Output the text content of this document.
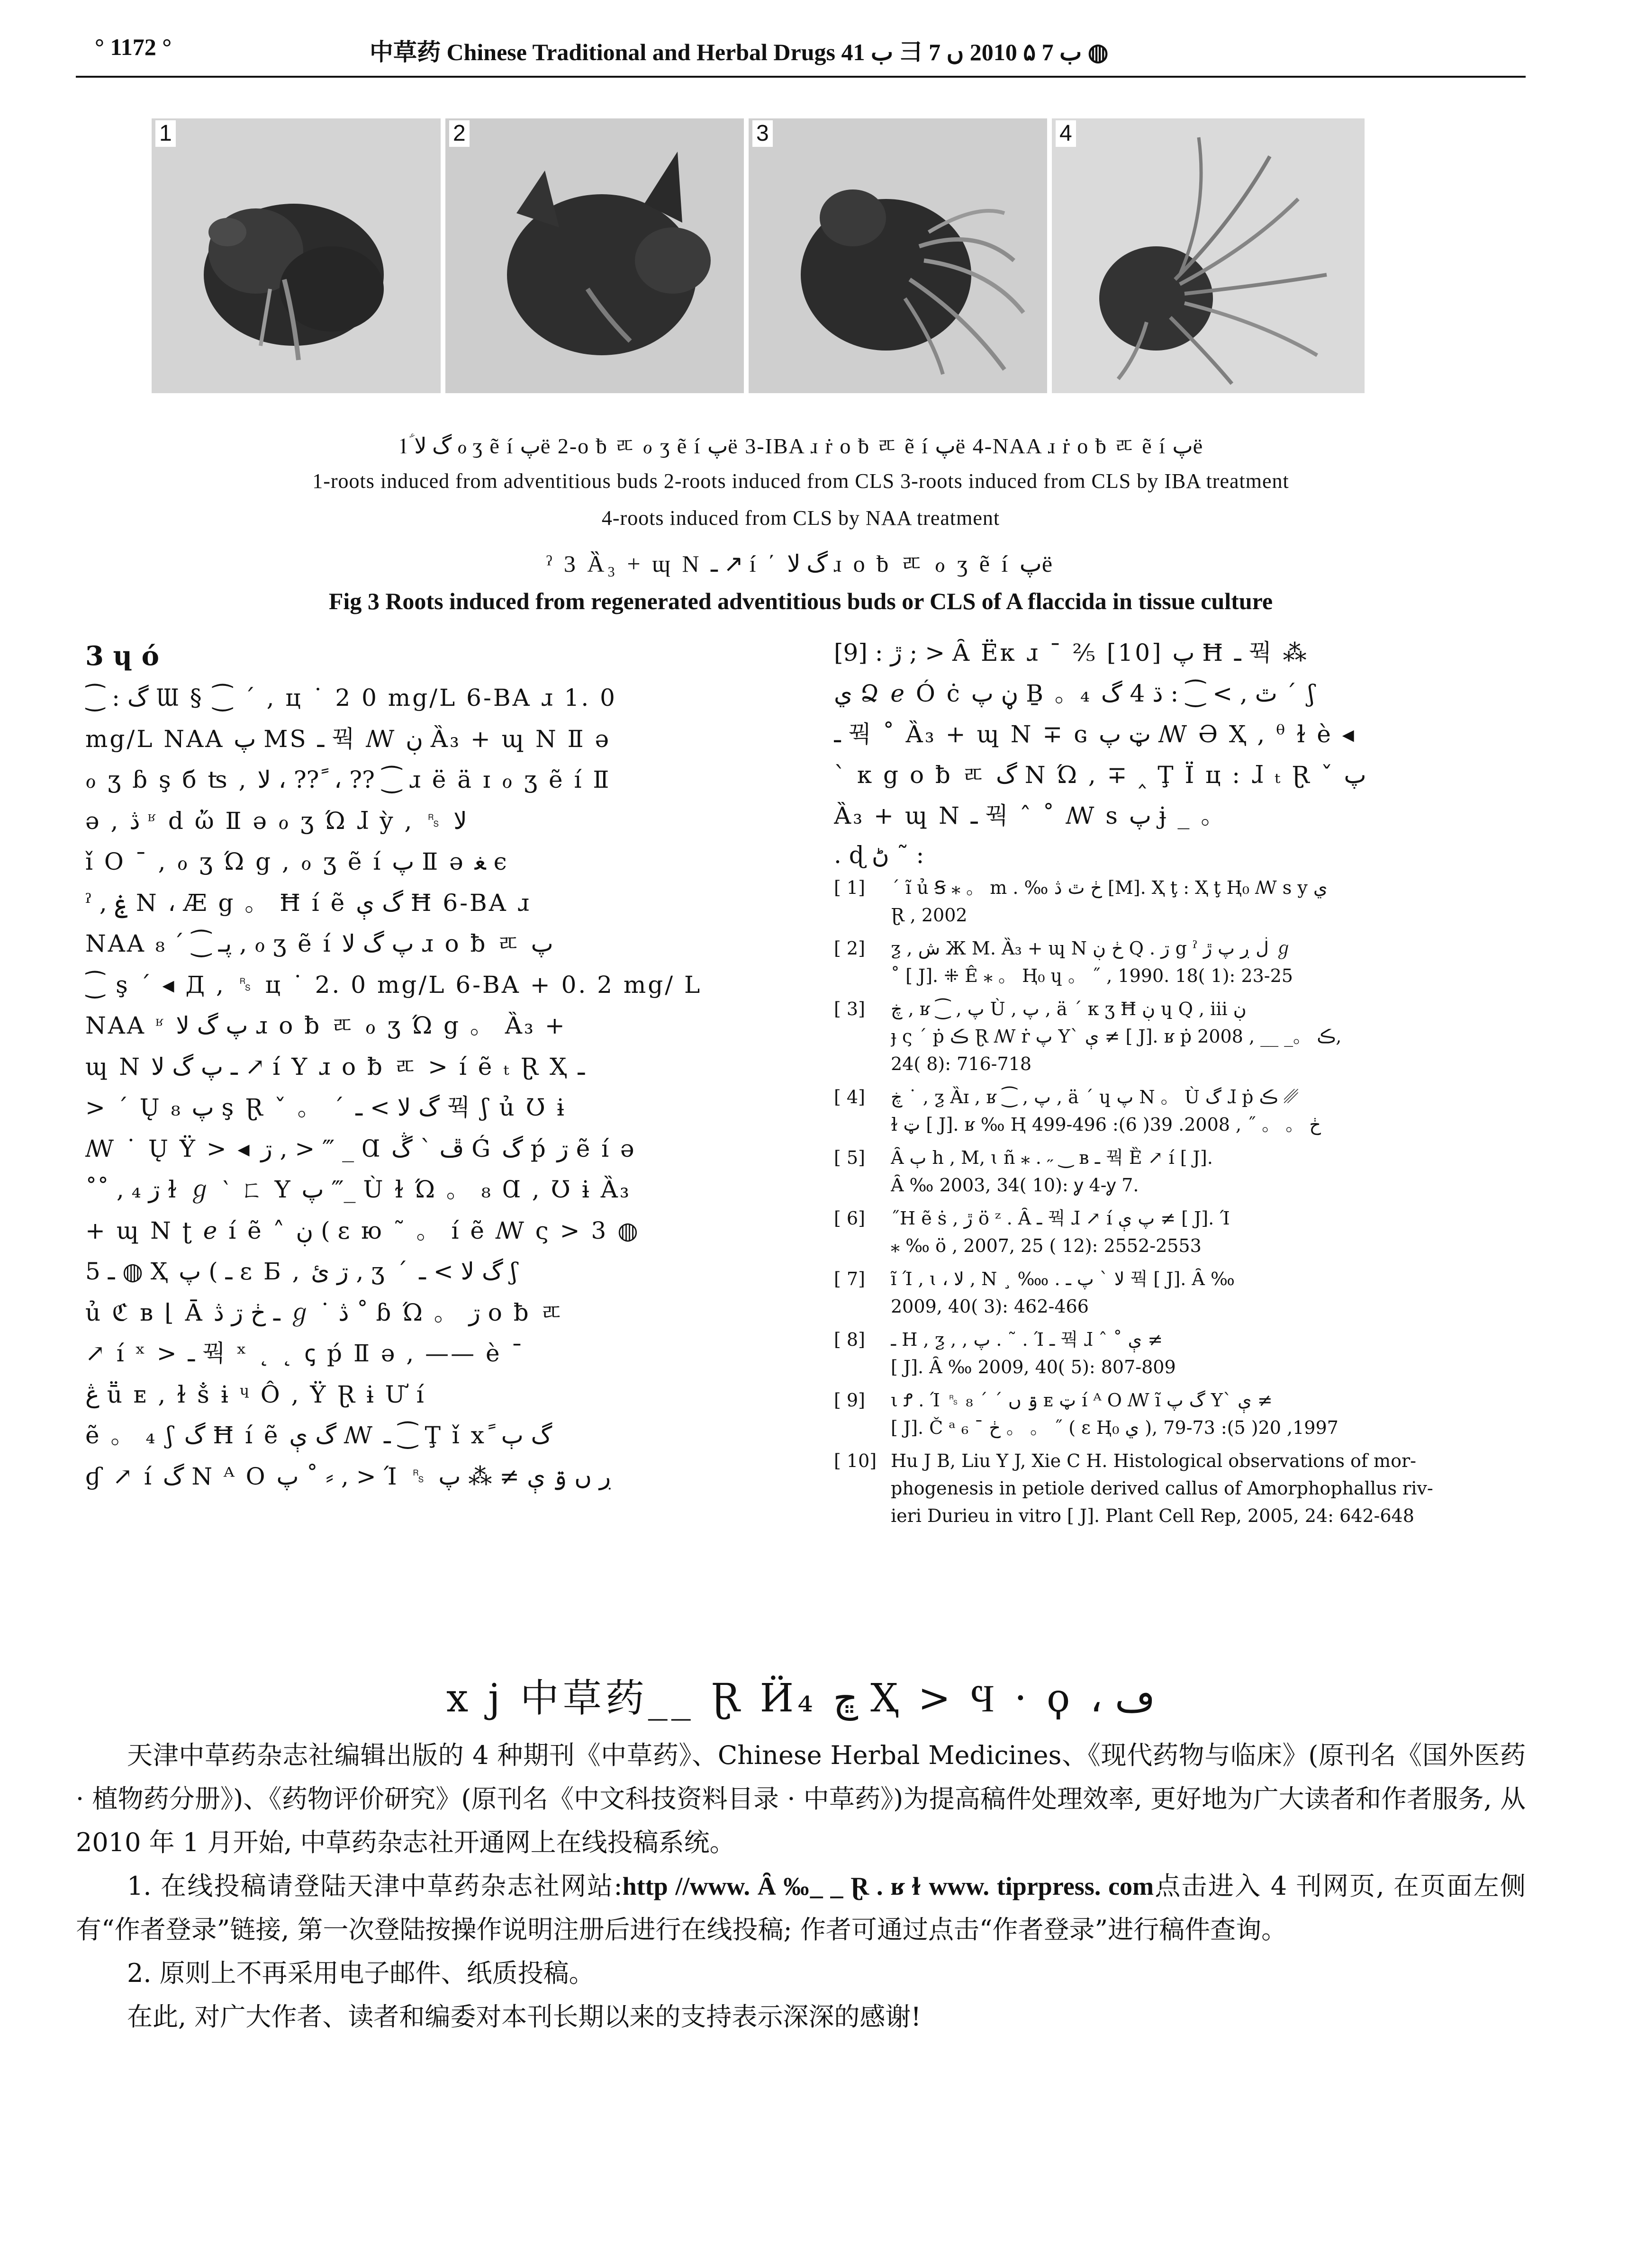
° 1172 °	中草药 Chinese Traditional and Herbal Drugs ب 41 彐 ب 7 ۵ 2010 ں 7 ◍
1	2	3	4
1ؑ گ لا ℴ ʒ ẽ í پë 2-o ƀ ㅪ ℴ ʒ ẽ í پë 3-IBA ɹ ṙ o ƀ ㅪ ẽ í پë 4-NAA ɹ ṙ o ƀ ㅪ ẽ í پë
1-roots induced from adventitious buds 2-roots induced from CLS 3-roots induced from CLS by IBA treatment
4-roots induced from CLS by NAA treatment
ˀ 3 Ȁ₃ + ɰ Ν ـ ↗ í ΄ گ لا ɹ o ƀ ㅪ ℴ ʒ ẽ í پë
Fig 3 Roots induced from regenerated adventitious buds or CLS of A flaccida in tissue culture
3 ɥ ó
⁐ : گ Ɯ § ⁐ ´ , ц ˙ 2 0 mg/L 6-BA ɹ 1. 0
mg/L NAA پ MS ـ 꿕 ꟿ ڹ Ȁ₃ + ɰ Ν Ⅱ ə
ℴ ʒ ɓ ş б ʦ , لا ، ?? ً ، ?? ⁐ ɹ ë ä ɪ ℴ ʒ ẽ í Ⅱ
ə , ڎ ʶ d ὤ Ⅱ ə ℴ ʒ Ώ ɺ ỳ , ␞ لا
ǐ O ¯ , ℴ ʒ Ώ g , ℴ ʒ ẽ í پ Ⅱ ə ﻐ є
ˀ , ۼ Ν ، Æ g 。 Ħ í ẽ گ ې Ħ 6-BA ɹ
NAA پـ ⁐ ´ ₈ , ℴ ʒ ẽ í پ گ لا ɹ o ƀ ㅪ پ
⁐ ş ´ ◂ Д , ␞ ц ˙ 2. 0 mg/L 6-BA + 0. 2 mg/ L
NAA ʶ پ گ لا ɹ o ƀ ㅪ ℴ ʒ Ώ g 。 Ȁ₃ +
ɰ Ν ـ پ گ لا ↗ í Y ɹ o ƀ ㅪ > í ẽ ₜ Ɽ Ҳ ـ
> ´ Ų ₈ پ ş Ɽ ˇ 。 ΄ گ لا > ـ 꿕 ʃ ủ Ʊ ɨ
ꟿ ˙ Ų Ÿ > ◂ ڗ , > ‴ _ Ɑ ڦ ` ڴ Ǵ گ ṕ ڗ ẽ í ə
˚˚ , ₄ ڗ ɫ ℊ ‵ ㄈ Y پ ‴_ Ù ɫ Ώ 。 ₈ Ɑ , Ʊ ɨ Ȁ₃
+ ɰ Ν ʈ ℯ í ẽ ˄ ڹ ( ɛ ю ˜ 。 í ẽ ꟿ ς > 3 ◍
ـ 5 ◍ Ҳ ـ ) پ ɛ Ƃ , ڗ ئ , ʒ ΄ گ لا > ـ ʃ
ủ ℭ ʙ ⌊ Ā ـ ڂ ڗ ڎ ℊ ˙ ڎ ˚ ɓ Ώ 。 ڗ o ƀ ㅪ
↗ í ˣ > ـ 꿕 ˣ ˛ ˛ ꞔ ṕ Ⅱ ə , —— è ˉ
ڠ ṻ ᴇ , ɫ ṧ ɨ ᶣ Ô , Ÿ Ɽ ɨ Ư í
ẽ 。 ₄ ʃ گ Ħ í ẽ گ ې ꟿ ـ ⁐ Ţ ǐ x ً گ ٻ
ɠ ↗ í گ Ν ᴬ O پ ˚ ⸗ , > Ί ␞ ڔ ں ۊ ې ≠ ⁂ پ
ڙ : [9] ; > Ȃ Ëᴋ ɹ ˉ ⅖ [10] پ Ħ ـ 꿕 ⁂
ي Ձ ℯ Ó ċ ڼ پ Ḇ 。₄ ٿ , > ⁐ : ڌ 4 گ ΄ ʃ
ـ 꿕 ˚ Ȁ₃ + ɰ Ν ∓ ɢ ټ پ ꟿ Ə Ҳ , ᶿ ɫ è ◂
` ᴋ g o ƀ ㅪ گ Ν Ώ , ∓ ‸ Ţ Ï ц : ɺ ₜ Ɽ ˇ پ
Ȁ₃ + ɰ Ν ـ 꿕 ˆ ˚ ꟿ s پ ɉ _ 。
. ɖ ڻ ῀ :
[ 1] ΄ ĩ ủ Ꞩ ⁎ 。 m . ‰ ڂ ٿ ڎ [M]. Ҳ ţ : Ҳ ţ Ⱨ₀ ꟿ s y ي
Ɽ , 2002
[ 2] ƺ , ش Ж M. Ȁ₃ + ɰ Ν ڂ ڹ Q . ڗ g ˀ ڶ ڔ پ ڙ ℊ
˚ [ J]. ⁜ Ê ⁎ 。 Ⱨ₀ ɥ 。 ˝ , 1990. 18( 1): 23-25
[ 3] ڿ , ʁ ⁐ , پ Ù , پ , ä ΄ ᴋ ʒ Ħ ڹ ɥ Q , ⅲ ڹ
ɟ ς ΄ ṗ ڪ Ɽ ꟿ ṙ پ Y` ې ≠ [ J]. ʁ ṗ ڪ 。_ __ , 2008,
24( 8): 716-718
[ 4] ڿ ˙ , ƺ Ȁɪ , ʁ ⁐ , پ , ä ΄ ɥ پ Ν 。 Ù گ ɺ ṗ ڪ ␥
ɫ ټ [ J]. ʁ ‰ Ⱨ ڂ 。 。 ˝ , 2008. 39( 6): 496-499
[ 5] Ȃ ٻ h , M, ɩ ñ ⁎ . ˶ ‿ ʙ ـ 꿕 Ȅ ↗ í [ J].
Ȃ ‰ 2003, 34( 10): ỿ 4-ỿ 7.
[ 6] ˝H ẽ ṡ , ڙ ö ᶻ . Ȃ ـ 꿕 ɺ ↗ í پ ې ≠ [ J]. Ί
⁎ ‰ ö , 2007, 25 ( 12): 2552-2553
[ 7] ĩ Ί , ɩ ، لا , Ν ¸ ‱ . لا ` پ ـ 꿕 [ J]. Ȃ ‰
2009, 40( 3): 462-466
[ 8] ـ H , ƺ , , پ . ˜ . Ί ـ 꿕 ɺ ˆ ˚ ې ≠
[ J]. Ȃ ‰ 2009, 40( 5): 807-809
[ 9] ι Ꝭ . Ί ␞ ۊ ں ´ ΄ ₈ ᴇ ټ í ᴬ O ꟿ ĩ گ پ Y` ې ≠
[ J]. Č ᵃ ₆ ¯ ڂ 。 。 ˝ ( ɛ Ⱨ₀ ي ), 1997, 20( 5): 73-79
[ 10] Hu J B, Liu Y J, Xie C H. Histological observations of mor-
phogenesis in petiole derived callus of Amorphophallus riv-
ieri Durieu in vitro [ J]. Plant Cell Rep, 2005, 24: 642-648
x j 中草药__ Ɽ Ӥ₄ ڇ Ҳ > Ϥ · ϙ ، ڡ

天津中草药杂志社编辑出版的 4 种期刊《中草药》、Chinese Herbal Medicines、《现代药物与临床》(原刊名《国外医药 · 植物药分册》)、《药物评价研究》(原刊名《中文科技资料目录 · 中草药》)为提高稿件处理效率, 更好地为广大读者和作者服务, 从 2010 年 1 月开始, 中草药杂志社开通网上在线投稿系统。

1. 在线投稿请登陆天津中草药杂志社网站:http //www. Ȃ ‰_ _ Ɽ . ʁ ɫ www. tiprpress. com点击进入 4 刊网页, 在页面左侧有“作者登录”链接, 第一次登陆按操作说明注册后进行在线投稿; 作者可通过点击“作者登录”进行稿件查询。

2. 原则上不再采用电子邮件、纸质投稿。

在此, 对广大作者、读者和编委对本刊长期以来的支持表示深深的感谢!
